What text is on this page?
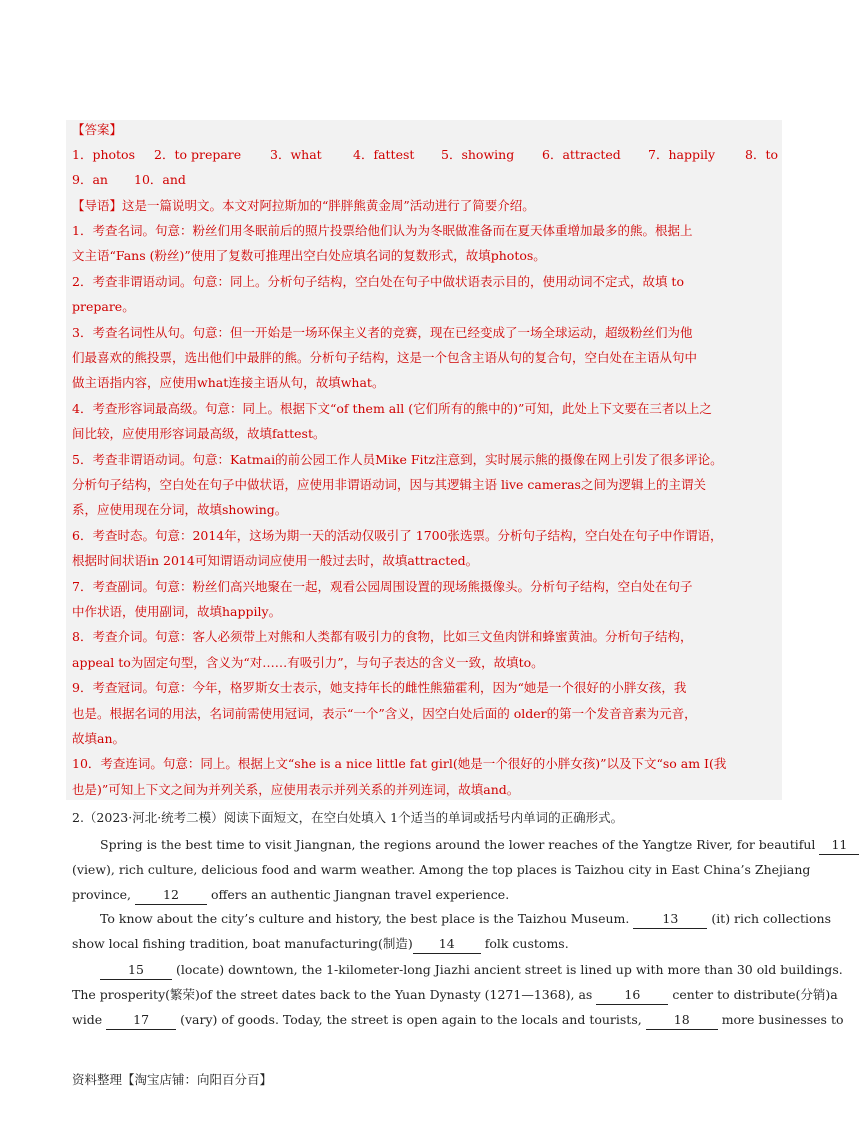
【答案】
1．photos 2．to prepare 3．what	4．fattest 5．showing 6．attracted 7．happily 8．to
9．an 10．and
【导语】这是一篇说明文。本文对阿拉斯加的“胖胖熊黄金周”活动进行了简要介绍。
1．考查名词。句意：粉丝们用冬眠前后的照片投票给他们认为为冬眠做准备而在夏天体重增加最多的熊。根据上
文主语“Fans (粉丝)”使用了复数可推理出空白处应填名词的复数形式，故填photos。
2．考查非谓语动词。句意：同上。分析句子结构，空白处在句子中做状语表示目的，使用动词不定式，故填 to
prepare。
3．考查名词性从句。句意：但一开始是一场环保主义者的竞赛，现在已经变成了一场全球运动，超级粉丝们为他
们最喜欢的熊投票，选出他们中最胖的熊。分析句子结构，这是一个包含主语从句的复合句，空白处在主语从句中
做主语指内容，应使用what连接主语从句，故填what。
4．考查形容词最高级。句意：同上。根据下文“of them all (它们所有的熊中的)”可知，此处上下文要在三者以上之
间比较，应使用形容词最高级，故填fattest。
5．考查非谓语动词。句意：Katmai的前公园工作人员Mike Fitz注意到，实时展示熊的摄像在网上引发了很多评论。
分析句子结构，空白处在句子中做状语，应使用非谓语动词，因与其逻辑主语 live cameras之间为逻辑上的主谓关
系，应使用现在分词，故填showing。
6．考查时态。句意：2014年，这场为期一天的活动仅吸引了 1700张选票。分析句子结构，空白处在句子中作谓语，
根据时间状语in 2014可知谓语动词应使用一般过去时，故填attracted。
7．考查副词。句意：粉丝们高兴地聚在一起，观看公园周围设置的现场熊摄像头。分析句子结构，空白处在句子
中作状语，使用副词，故填happily。
8．考查介词。句意：客人必须带上对熊和人类都有吸引力的食物，比如三文鱼肉饼和蜂蜜黄油。分析句子结构，
appeal to为固定句型，含义为“对……有吸引力”，与句子表达的含义一致，故填to。
9．考查冠词。句意：今年，格罗斯女士表示，她支持年长的雌性熊猫霍利，因为“她是一个很好的小胖女孩，我
也是。根据名词的用法，名词前需使用冠词，表示“一个”含义，因空白处后面的 older的第一个发音音素为元音，
故填an。
10．考查连词。句意：同上。根据上文“she is a nice little fat girl(她是一个很好的小胖女孩)”以及下文“so am I(我
也是)”可知上下文之间为并列关系，应使用表示并列关系的并列连词，故填and。
2.（2023·河北·统考二模）阅读下面短文，在空白处填入 1个适当的单词或括号内单词的正确形式。
Spring is the best time to visit Jiangnan, the regions around the lower reaches of the Yangtze River, for beautiful 11
(view), rich culture, delicious food and warm weather. Among the top places is Taizhou city in East China’s Zhejiang
province,	12	offers an authentic Jiangnan travel experience.
To know about the city’s culture and history, the best place is the Taizhou Museum.	13	(it) rich collections
show local fishing tradition, boat manufacturing(制造) 14 folk customs.
15	(locate) downtown, the 1-kilometer-long Jiazhi ancient street is lined up with more than 30 old buildings.
The prosperity(繁荣)of the street dates back to the Yuan Dynasty (1271—1368), as	16	center to distribute(分销)a
wide 17 (vary) of goods. Today, the street is open again to the locals and tourists,	18	more businesses to
资料整理【淘宝店铺：向阳百分百】
